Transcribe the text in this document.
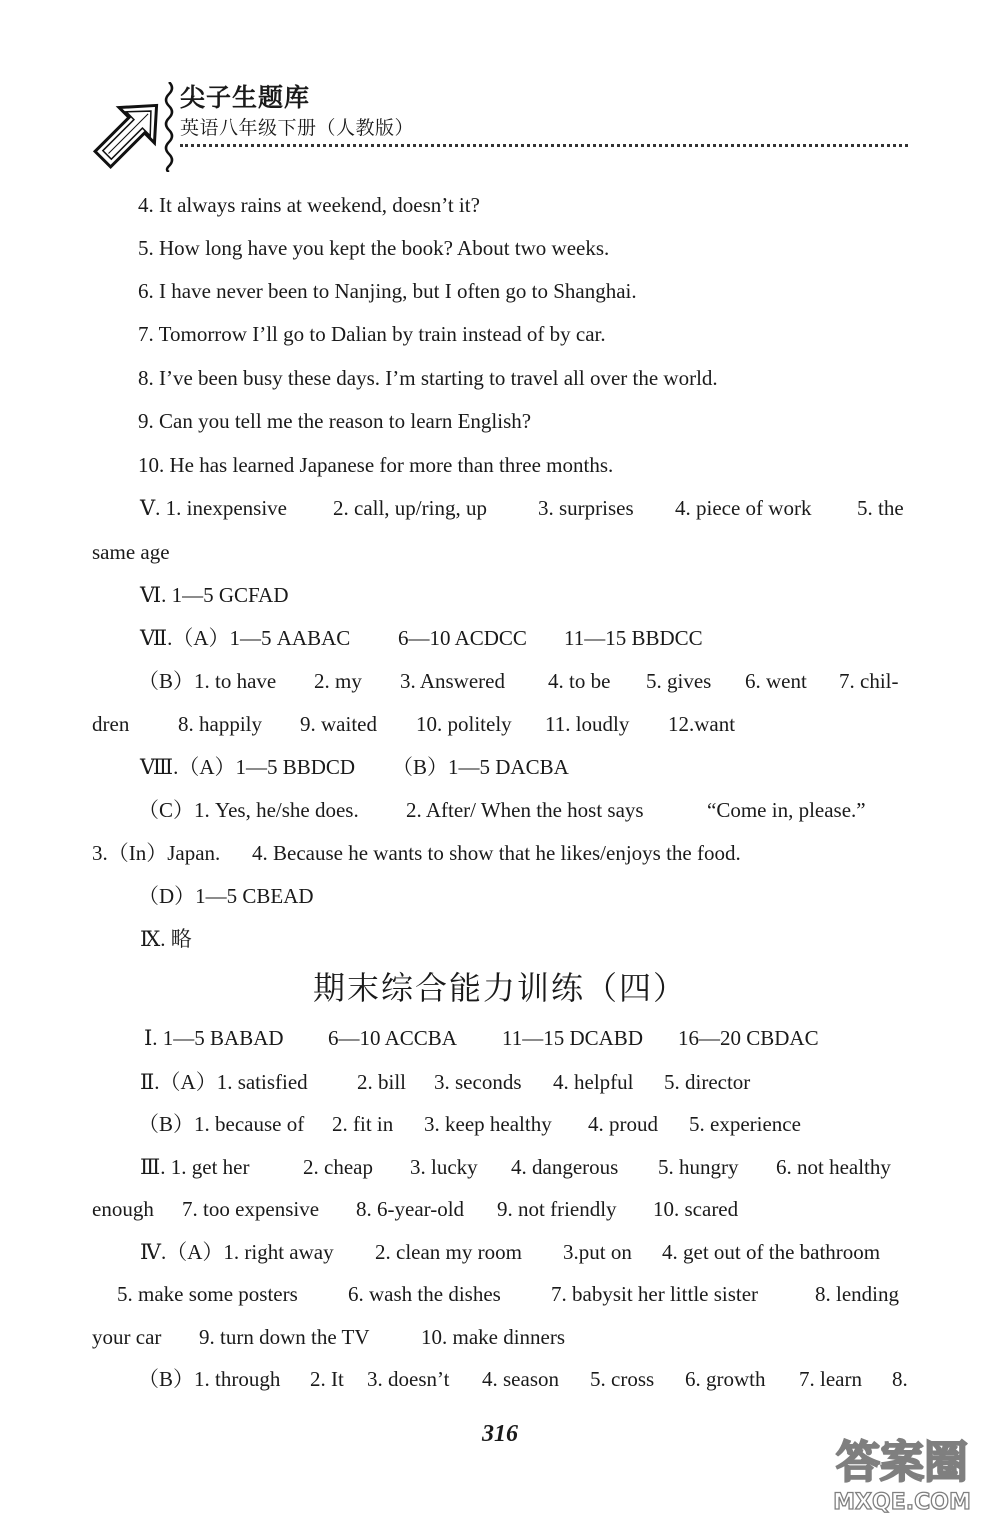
尖子生题库
英语八年级下册（人教版）
4. It always rains at weekend, doesn’t it?
5. How long have you kept the book? About two weeks.
6. I have never been to Nanjing, but I often go to Shanghai.
7. Tomorrow I’ll go to Dalian by train instead of by car.
8. I’ve been busy these days. I’m starting to travel all over the world.
9. Can you tell me the reason to learn English?
10. He has learned Japanese for more than three months.
Ⅴ. 1. inexpensive 2. call, up/ring, up 3. surprises 4. piece of work 5. the
same age
Ⅵ. 1—5 GCFAD
Ⅶ.（A）1—5 AABAC 6—10 ACDCC 11—15 BBDCC
（B）1. to have 2. my 3. Answered 4. to be 5. gives 6. went 7. chil-
dren 8. happily 9. waited 10. politely 11. loudly 12.want
Ⅷ.（A）1—5 BBDCD （B）1—5 DACBA
（C）1. Yes, he/she does. 2. After/ When the host says	“Come in, please.”
3.（In）Japan. 4. Because he wants to show that he likes/enjoys the food.
（D）1—5 CBEAD
Ⅸ. 略
Ⅰ. 1—5 BABAD 6—10 ACCBA 11—15 DCABD 16—20 CBDAC
Ⅱ.（A）1. satisfied 2. bill 3. seconds 4. helpful 5. director
（B）1. because of 2. fit in 3. keep healthy 4. proud 5. experience
Ⅲ. 1. get her	2. cheap 3. lucky 4. dangerous 5. hungry 6. not healthy
enough 7. too expensive 8. 6-year-old 9. not friendly 10. scared
Ⅳ.（A）1. right away 2. clean my room 3.put on 4. get out of the bathroom
5. make some posters 6. wash the dishes 7. babysit her little sister	8. lending
your car 9. turn down the TV 10. make dinners
（B）1. through 2. It 3. doesn’t 4. season 5. cross 6. growth 7. learn 8.
期末综合能力训练（四）
316
答案圈
MXQE.COM
